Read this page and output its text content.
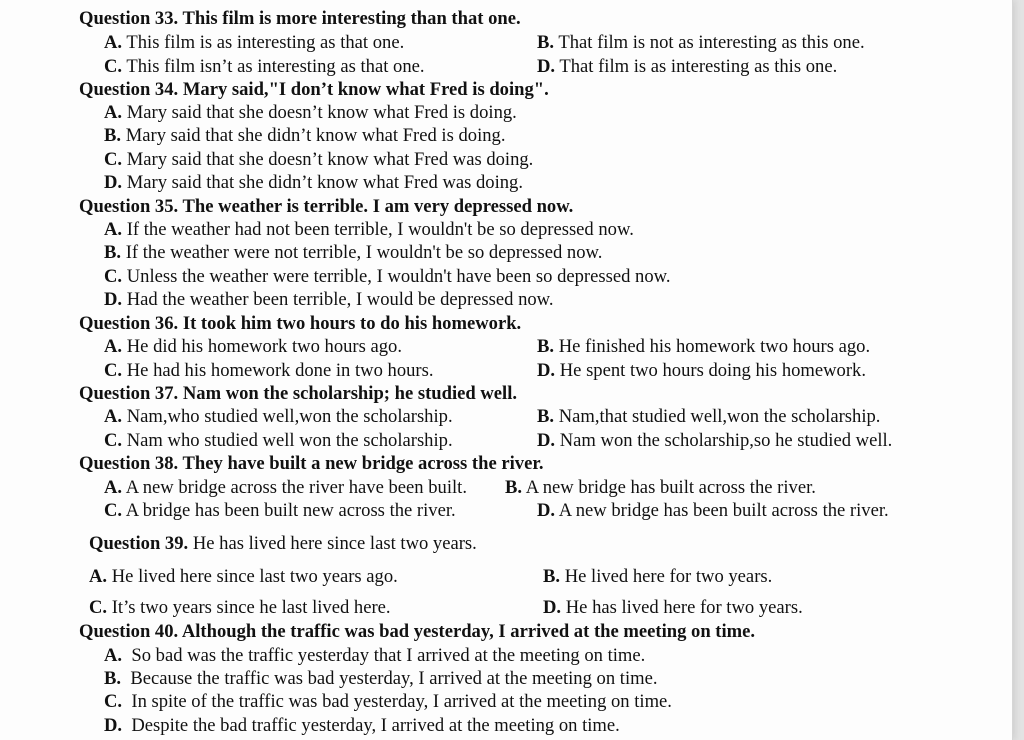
Question 33. This film is more interesting than that one.
A. This film is as interesting as that one.	B. That film is not as interesting as this one.
C. This film isn’t as interesting as that one.	D. That film is as interesting as this one.
Question 34. Mary said,"I don’t know what Fred is doing".
A. Mary said that she doesn’t know what Fred is doing.
B. Mary said that she didn’t know what Fred is doing.
C. Mary said that she doesn’t know what Fred was doing.
D. Mary said that she didn’t know what Fred was doing.
Question 35. The weather is terrible. I am very depressed now.
A. If the weather had not been terrible, I wouldn't be so depressed now.
B. If the weather were not terrible, I wouldn't be so depressed now.
C. Unless the weather were terrible, I wouldn't have been so depressed now.
D. Had the weather been terrible, I would be depressed now.
Question 36. It took him two hours to do his homework.
A. He did his homework two hours ago.	B. He finished his homework two hours ago.
C. He had his homework done in two hours.	D. He spent two hours doing his homework.
Question 37. Nam won the scholarship; he studied well.
A. Nam,who studied well,won the scholarship.	B. Nam,that studied well,won the scholarship.
C. Nam who studied well won the scholarship.	D. Nam won the scholarship,so he studied well.
Question 38. They have built a new bridge across the river.
A. A new bridge across the river have been built. B. A new bridge has built across the river.
C. A bridge has been built new across the river.	D. A new bridge has been built across the river.
Question 39. He has lived here since last two years.
A. He lived here since last two years ago.	B. He lived here for two years.
C. It’s two years since he last lived here.	D. He has lived here for two years.
Question 40. Although the traffic was bad yesterday, I arrived at the meeting on time.
A. So bad was the traffic yesterday that I arrived at the meeting on time.
B. Because the traffic was bad yesterday, I arrived at the meeting on time.
C. In spite of the traffic was bad yesterday, I arrived at the meeting on time.
D. Despite the bad traffic yesterday, I arrived at the meeting on time.
